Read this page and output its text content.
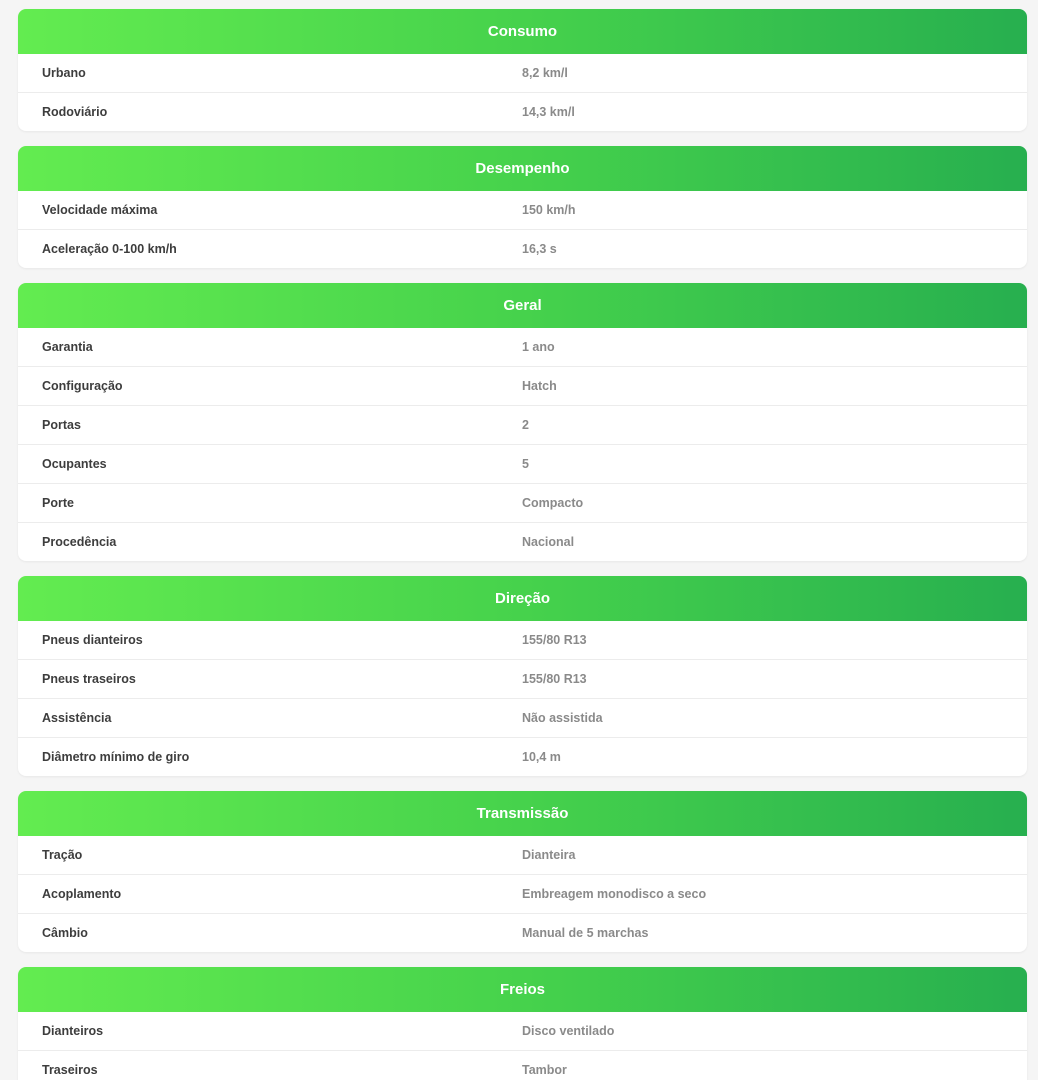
Consumo
Urbano	8,2 km/l
Rodoviário	14,3 km/l
Desempenho
Velocidade máxima	150 km/h
Aceleração 0-100 km/h	16,3 s
Geral
Garantia	1 ano
Configuração	Hatch
Portas	2
Ocupantes	5
Porte	Compacto
Procedência	Nacional
Direção
Pneus dianteiros	155/80 R13
Pneus traseiros	155/80 R13
Assistência	Não assistida
Diâmetro mínimo de giro	10,4 m
Transmissão
Tração	Dianteira
Acoplamento	Embreagem monodisco a seco
Câmbio	Manual de 5 marchas
Freios
Dianteiros	Disco ventilado
Traseiros	Tambor
